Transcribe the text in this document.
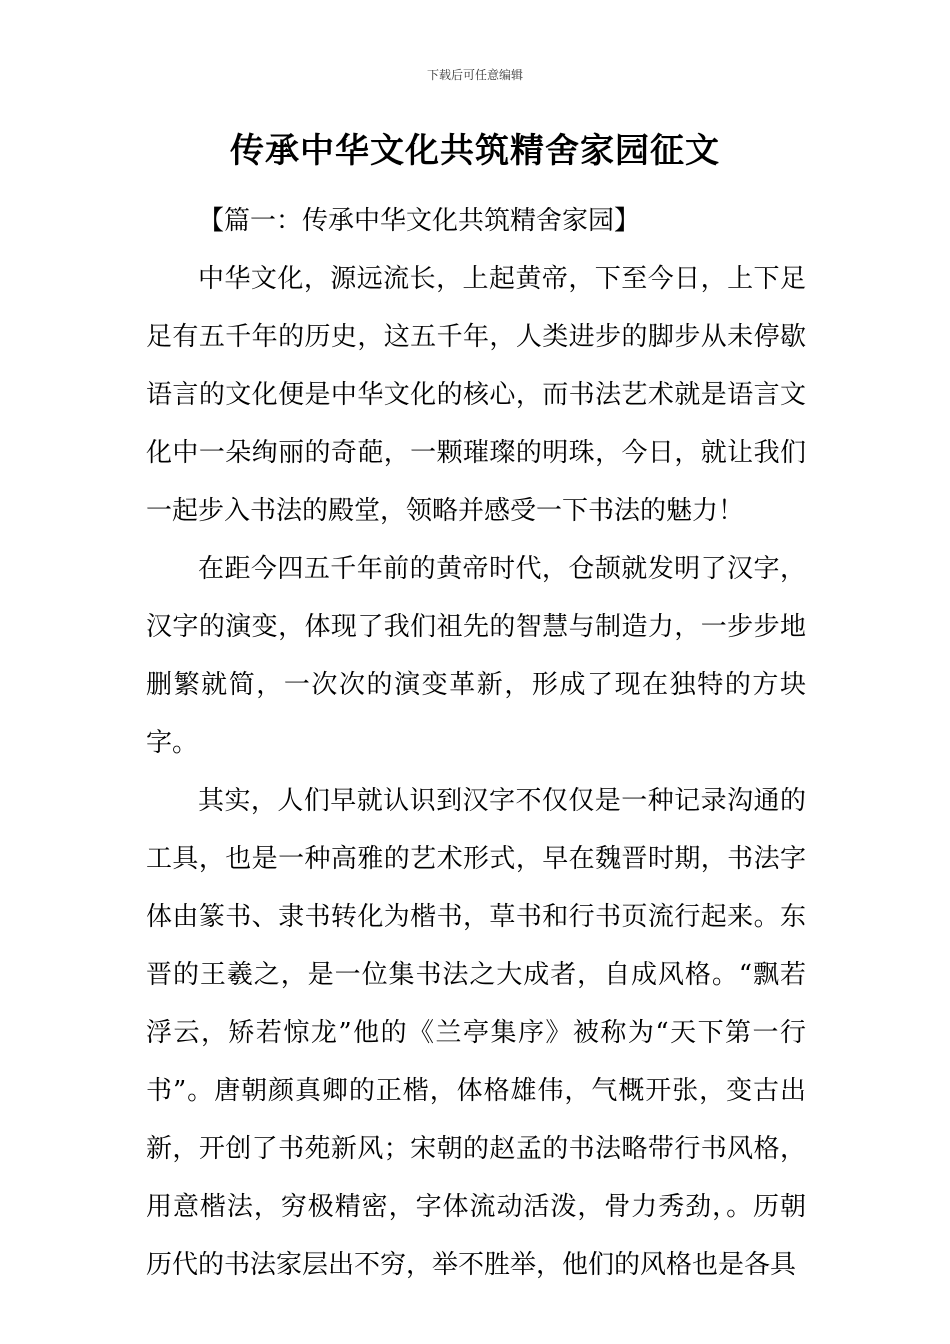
下载后可任意编辑
传承中华文化共筑精舍家园征文

【篇一：传承中华文化共筑精舍家园】

中华文化，源远流长，上起黄帝，下至今日，上下足足有五千年的历史，这五千年，人类进步的脚步从未停歇语言的文化便是中华文化的核心，而书法艺术就是语言文化中一朵绚丽的奇葩，一颗璀璨的明珠，今日，就让我们一起步入书法的殿堂，领略并感受一下书法的魅力！

在距今四五千年前的黄帝时代，仓颉就发明了汉字，汉字的演变，体现了我们祖先的智慧与制造力，一步步地删繁就简，一次次的演变革新，形成了现在独特的方块字。

其实，人们早就认识到汉字不仅仅是一种记录沟通的工具，也是一种高雅的艺术形式，早在魏晋时期，书法字体由篆书、隶书转化为楷书，草书和行书页流行起来。东晋的王羲之，是一位集书法之大成者，自成风格。“飘若浮云，矫若惊龙”他的《兰亭集序》被称为“天下第一行书”。唐朝颜真卿的正楷，体格雄伟，气概开张，变古出新，开创了书苑新风；宋朝的赵孟的书法略带行书风格，用意楷法，穷极精密，字体流动活泼，骨力秀劲，。历朝历代的书法家层出不穷，举不胜举，他们的风格也是各具
